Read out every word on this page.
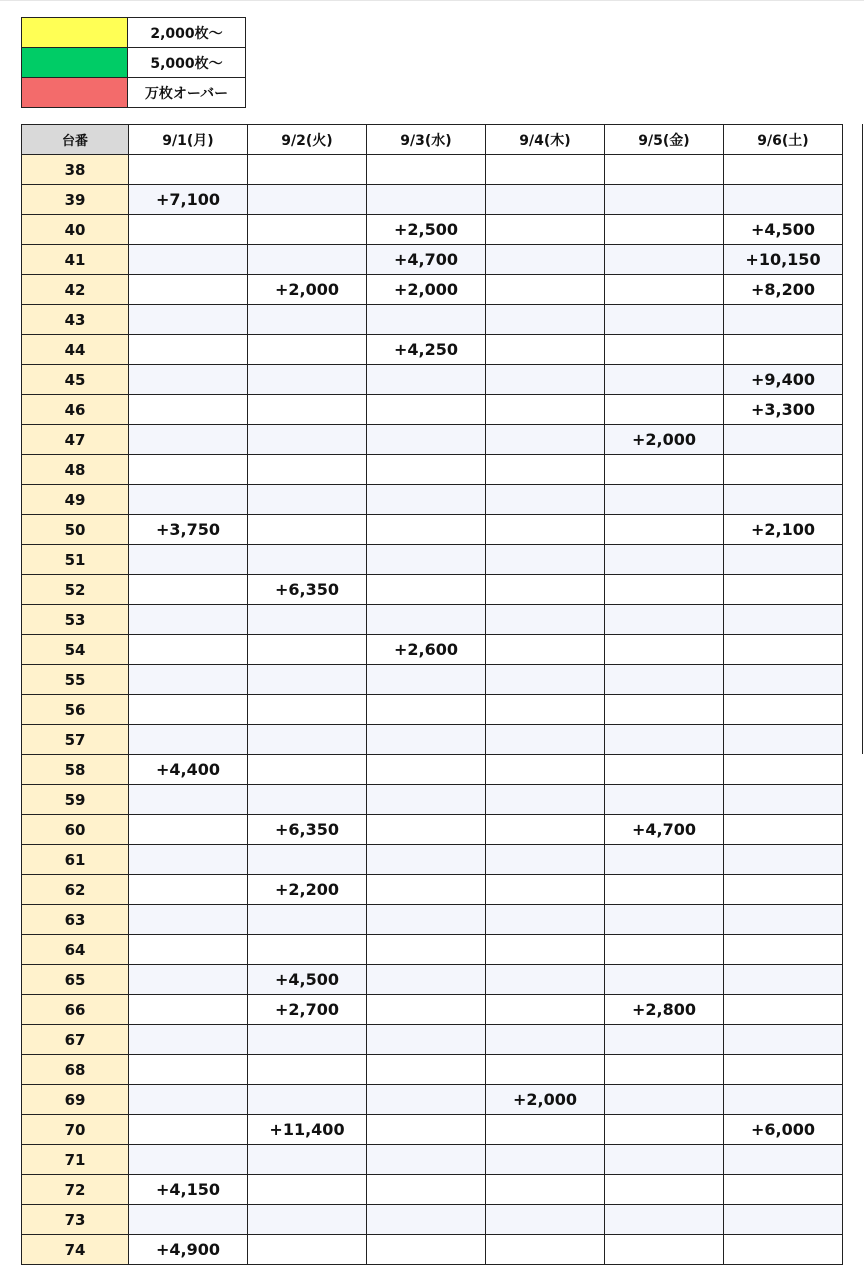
	2,000枚～
	5,000枚～
	万枚オーバー
台番	9/1(月)	9/2(火)	9/3(水)	9/4(木)	9/5(金)	9/6(土)
38						
39	+7,100					
40			+2,500			+4,500
41			+4,700			+10,150
42		+2,000	+2,000			+8,200
43						
44			+4,250			
45						+9,400
46						+3,300
47					+2,000	
48						
49						
50	+3,750					+2,100
51						
52		+6,350				
53						
54			+2,600			
55						
56						
57						
58	+4,400					
59						
60		+6,350			+4,700	
61						
62		+2,200				
63						
64						
65		+4,500				
66		+2,700			+2,800	
67						
68						
69				+2,000		
70		+11,400				+6,000
71						
72	+4,150					
73						
74	+4,900					
